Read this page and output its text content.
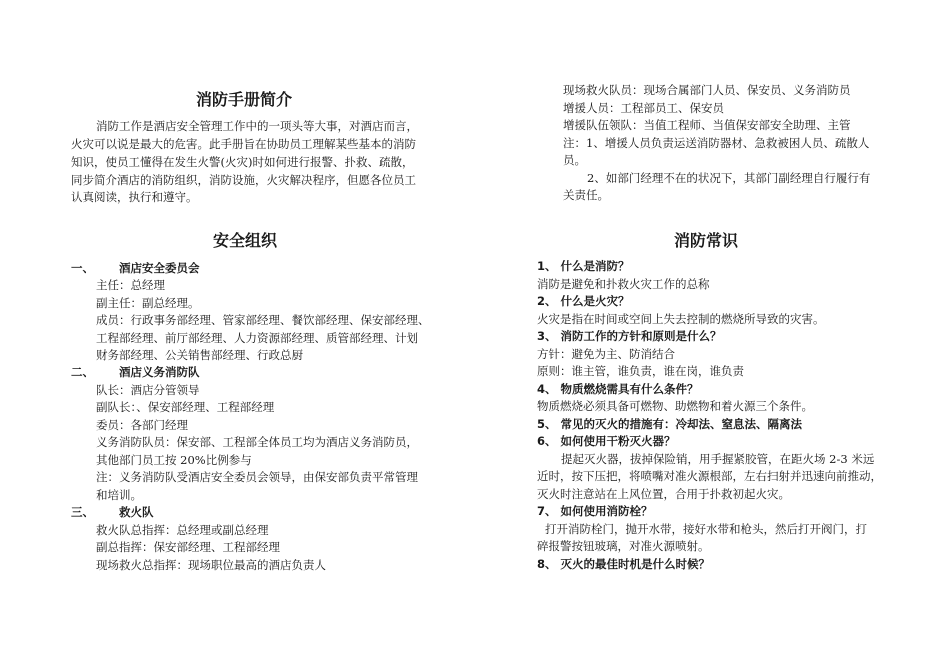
消防手册简介
消防工作是酒店安全管理工作中的一项头等大事，对酒店而言，
火灾可以说是最大的危害。此手册旨在协助员工理解某些基本的消防
知识，使员工懂得在发生火警(火灾)时如何进行报警、扑救、疏散，
同步简介酒店的消防组织，消防设施，火灾解决程序，但愿各位员工
认真阅读，执行和遵守。
安全组织
一、 酒店安全委员会
主任：总经理
副主任：副总经理。
成员：行政事务部经理、管家部经理、餐饮部经理、保安部经理、
工程部经理、前厅部经理、人力资源部经理、质管部经理、计划
财务部经理、公关销售部经理、行政总厨
二、 酒店义务消防队
队长：酒店分管领导
副队长：、保安部经理、工程部经理
委员：各部门经理
义务消防队员：保安部、工程部全体员工均为酒店义务消防员，
其他部门员工按 20%比例参与
注：义务消防队受酒店安全委员会领导，由保安部负责平常管理
和培训。
三、 救火队
救火队总指挥：总经理或副总经理
副总指挥：保安部经理、工程部经理
现场救火总指挥：现场职位最高的酒店负责人
现场救火队员：现场合属部门人员、保安员、义务消防员
增援人员：工程部员工、保安员
增援队伍领队：当值工程师、当值保安部安全助理、主管
注：1、增援人员负责运送消防器材、急救被困人员、疏散人
员。
2、如部门经理不在的状况下，其部门副经理自行履行有
关责任。
消防常识
1、 什么是消防？
消防是避免和扑救火灾工作的总称
2、 什么是火灾？
火灾是指在时间或空间上失去控制的燃烧所导致的灾害。
3、 消防工作的方针和原则是什么？
方针：避免为主、防消结合
原则：谁主管，谁负责，谁在岗，谁负责
4、 物质燃烧需具有什么条件？
物质燃烧必须具备可燃物、助燃物和着火源三个条件。
5、 常见的灭火的措施有：冷却法、窒息法、隔离法
6、 如何使用干粉灭火器？
提起灭火器，拔掉保险销，用手握紧胶管，在距火场 2-3 米远
近时，按下压把，将喷嘴对准火源根部，左右扫射并迅速向前推动，
灭火时注意站在上风位置，合用于扑救初起火灾。
7、 如何使用消防栓？
打开消防栓门，抛开水带，接好水带和枪头，然后打开阀门，打
碎报警按钮玻璃，对准火源喷射。
8、 灭火的最佳时机是什么时候？
